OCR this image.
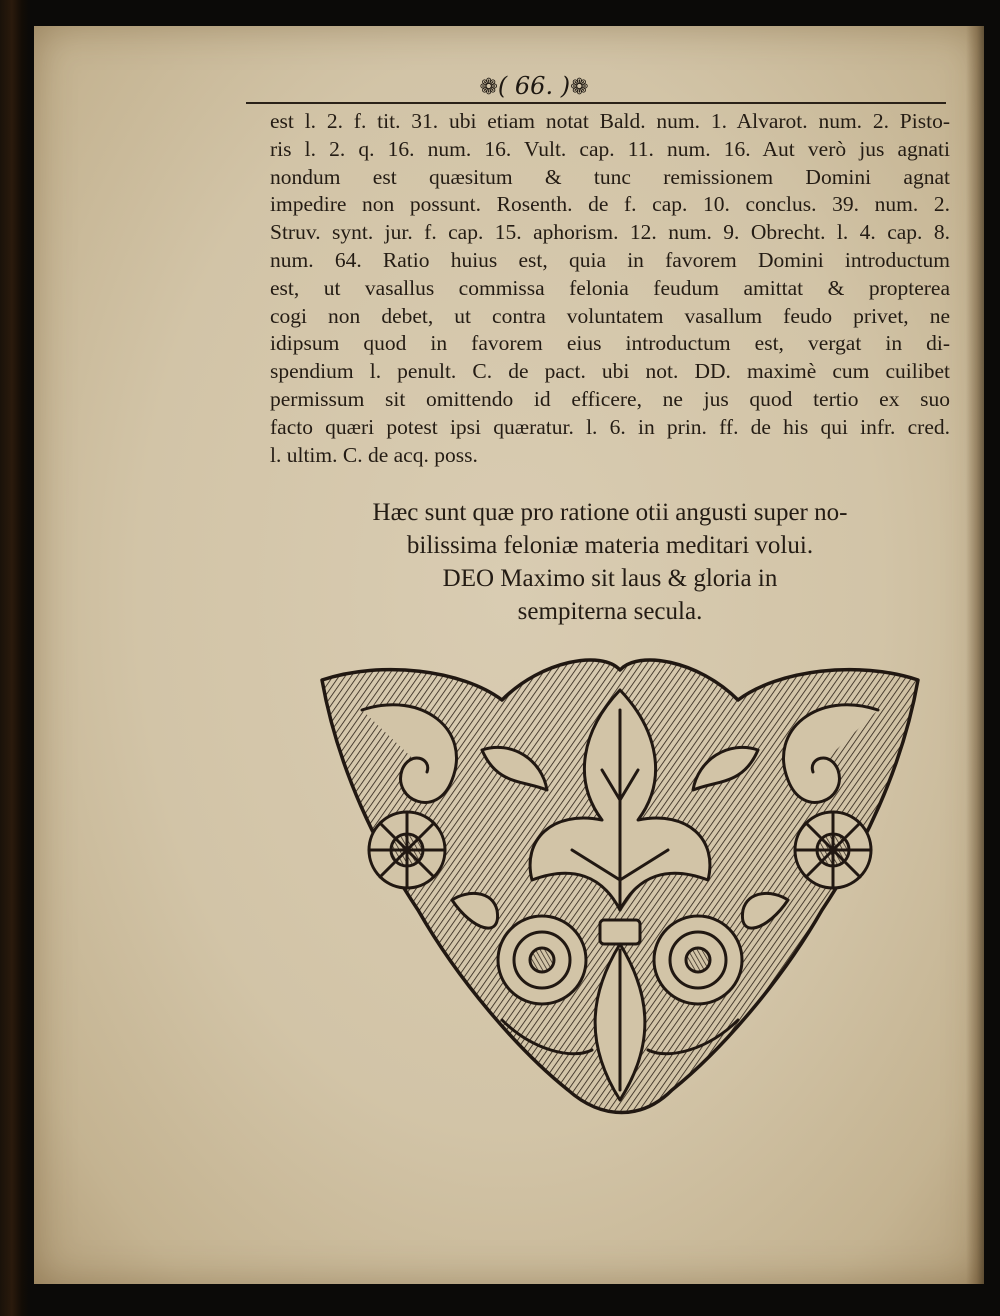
❁( 66. )❁
est l. 2. f. tit. 31. ubi etiam notat Bald. num. 1. Alvarot. num. 2. Pisto-
ris l. 2. q. 16. num. 16. Vult. cap. 11. num. 16. Aut verò jus agnati
nondum est quæsitum & tunc remissionem Domini agnat
impedire non possunt. Rosenth. de f. cap. 10. conclus. 39. num. 2.
Struv. synt. jur. f. cap. 15. aphorism. 12. num. 9. Obrecht. l. 4. cap. 8.
num. 64. Ratio huius est, quia in favorem Domini introductum
est, ut vasallus commissa felonia feudum amittat & propterea
cogi non debet, ut contra voluntatem vasallum feudo privet, ne
idipsum quod in favorem eius introductum est, vergat in di-
spendium l. penult. C. de pact. ubi not. DD. maximè cum cuilibet
permissum sit omittendo id efficere, ne jus quod tertio ex suo
facto quæri potest ipsi quæratur. l. 6. in prin. ff. de his qui infr. cred.
l. ultim. C. de acq. poss.
Hæc sunt quæ pro ratione otii angusti super no-
bilissima feloniæ materia meditari volui.
DEO Maximo sit laus & gloria in
sempiterna secula.
